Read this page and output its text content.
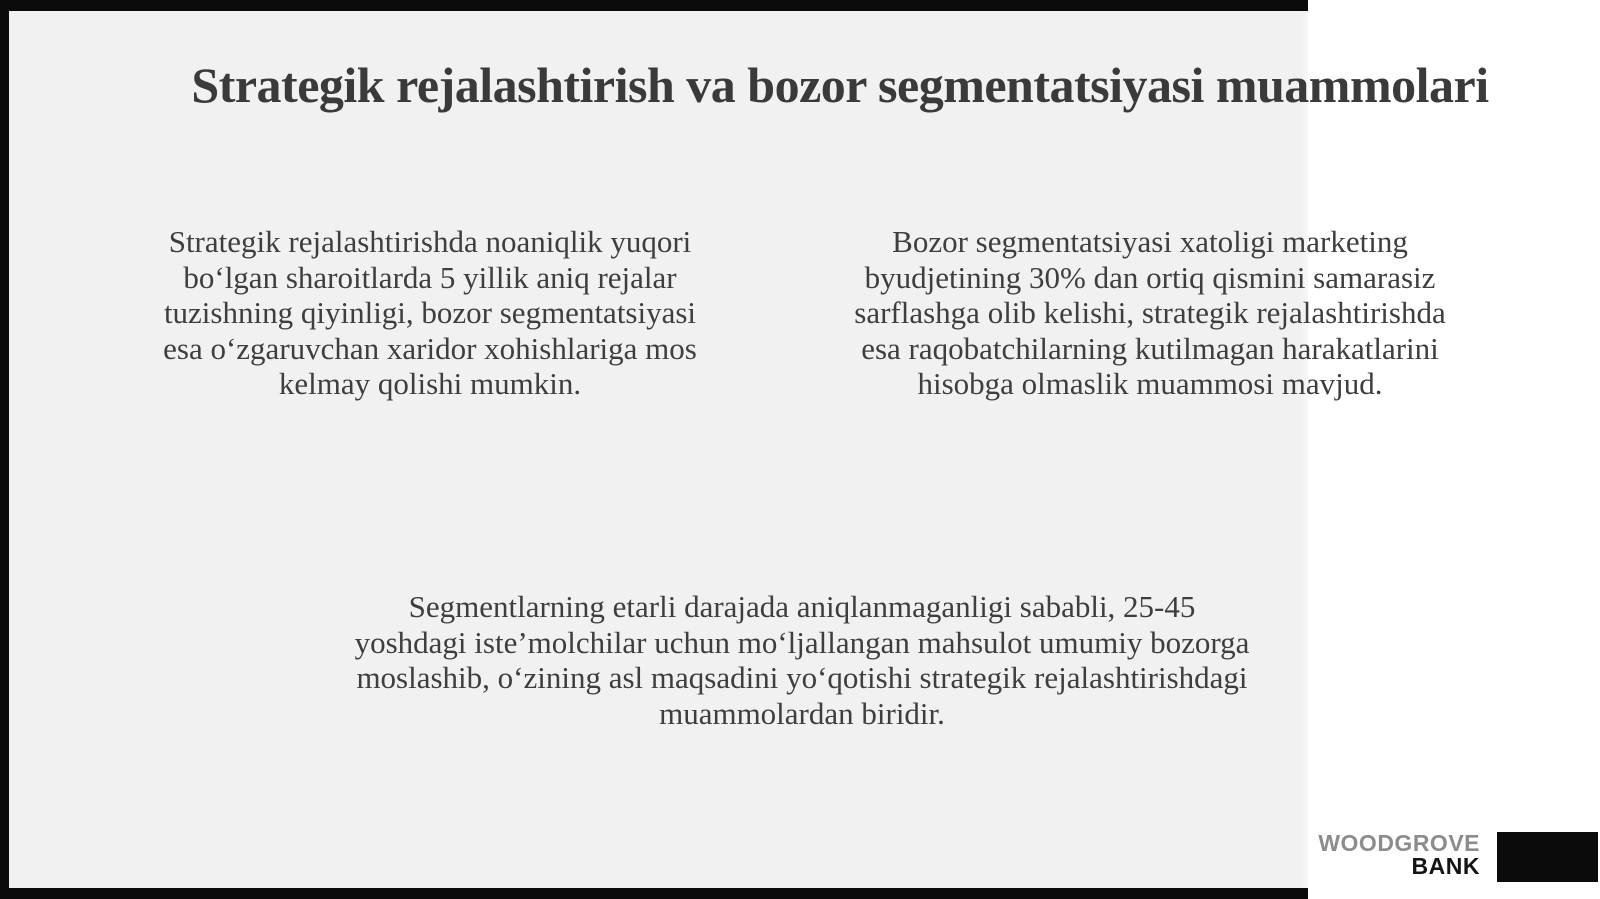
Strategik rejalashtirish va bozor segmentatsiyasi muammolari
Strategik rejalashtirishda noaniqlik yuqori
boʻlgan sharoitlarda 5 yillik aniq rejalar
tuzishning qiyinligi, bozor segmentatsiyasi
esa oʻzgaruvchan xaridor xohishlariga mos
kelmay qolishi mumkin.
Bozor segmentatsiyasi xatoligi marketing
byudjetining 30% dan ortiq qismini samarasiz
sarflashga olib kelishi, strategik rejalashtirishda
esa raqobatchilarning kutilmagan harakatlarini
hisobga olmaslik muammosi mavjud.
Segmentlarning etarli darajada aniqlanmaganligi sababli, 25-45
yoshdagi iste’molchilar uchun moʻljallangan mahsulot umumiy bozorga
moslashib, oʻzining asl maqsadini yoʻqotishi strategik rejalashtirishdagi
muammolardan biridir.
WOODGROVE
BANK
